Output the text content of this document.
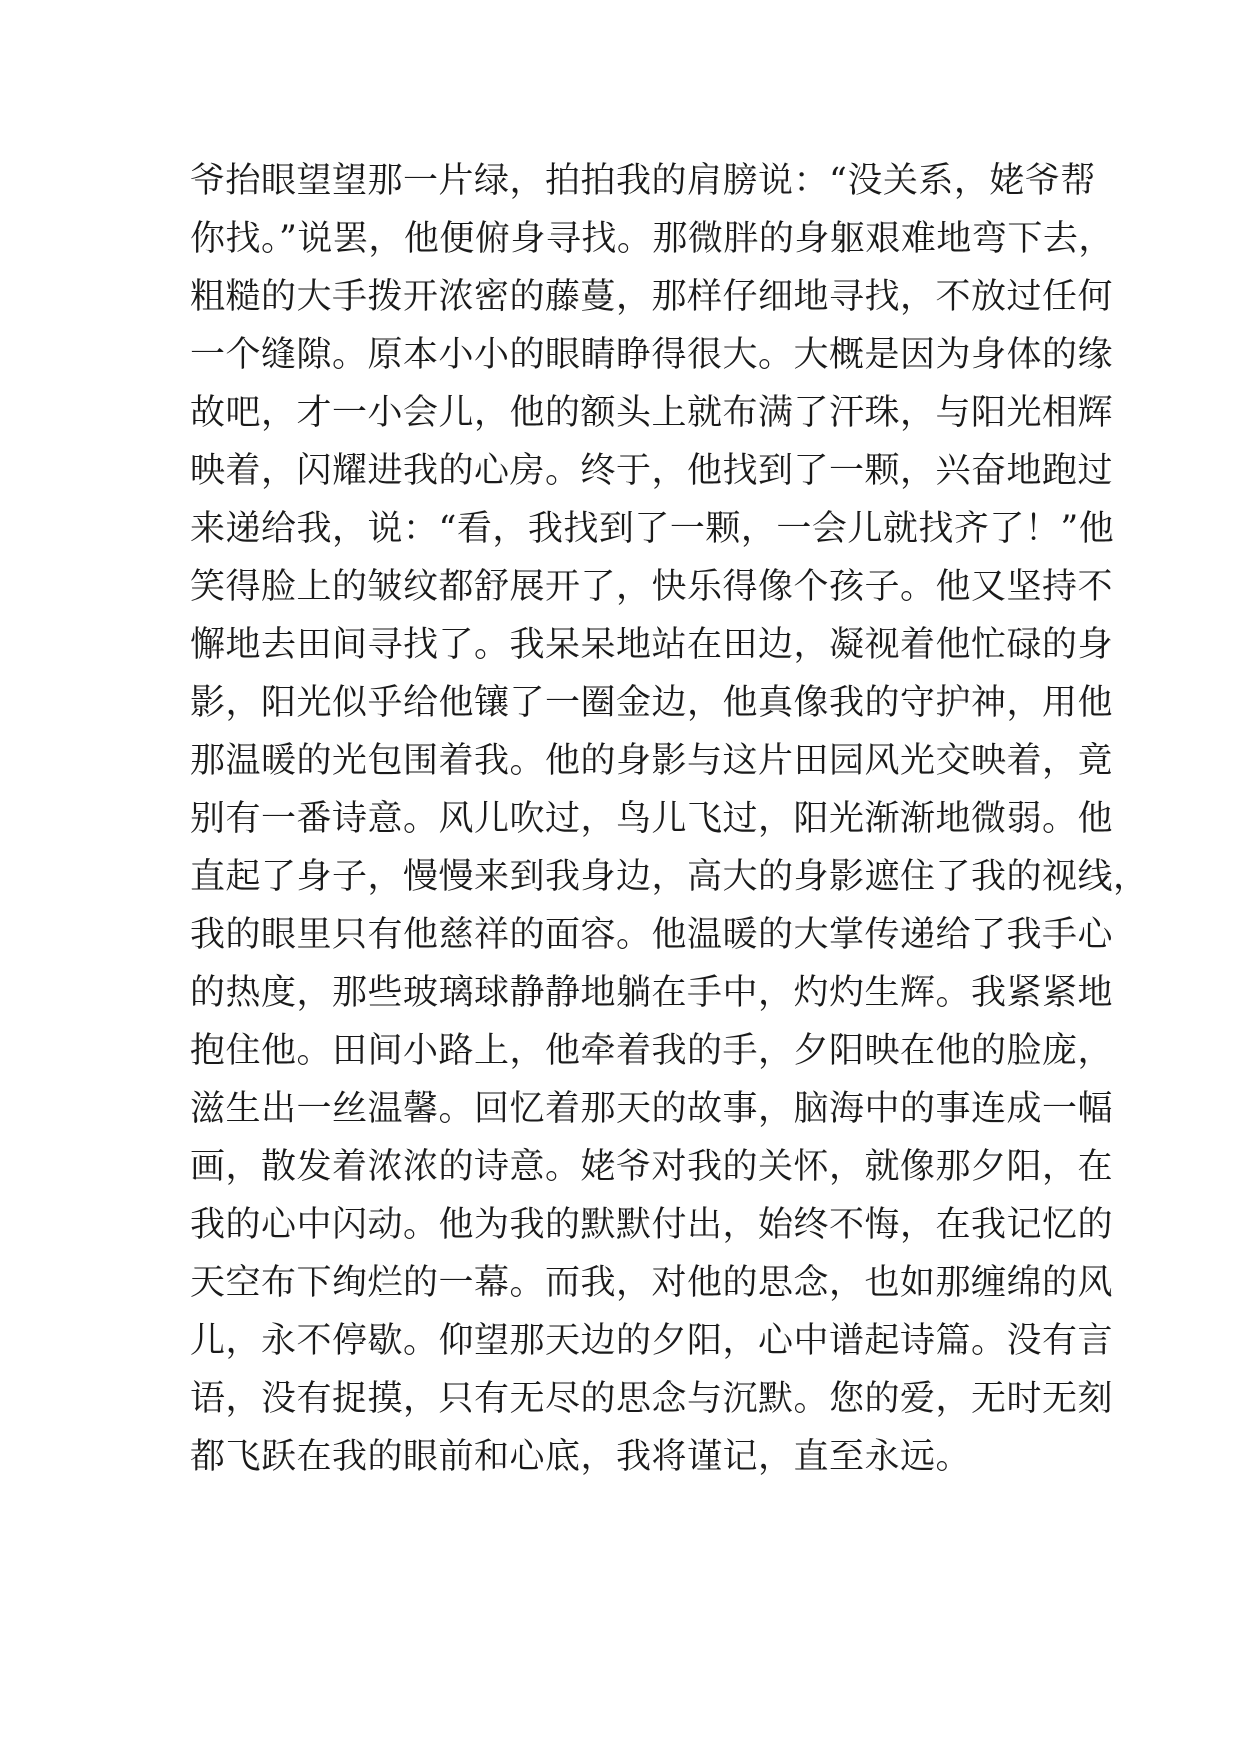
爷抬眼望望那一片绿，拍拍我的肩膀说：“没关系，姥爷帮
你找。”说罢，他便俯身寻找。那微胖的身躯艰难地弯下去，
粗糙的大手拨开浓密的藤蔓，那样仔细地寻找，不放过任何
一个缝隙。原本小小的眼睛睁得很大。大概是因为身体的缘
故吧，才一小会儿，他的额头上就布满了汗珠，与阳光相辉
映着，闪耀进我的心房。终于，他找到了一颗，兴奋地跑过
来递给我，说：“看，我找到了一颗，一会儿就找齐了！”他
笑得脸上的皱纹都舒展开了，快乐得像个孩子。他又坚持不
懈地去田间寻找了。我呆呆地站在田边，凝视着他忙碌的身
影，阳光似乎给他镶了一圈金边，他真像我的守护神，用他
那温暖的光包围着我。他的身影与这片田园风光交映着，竟
别有一番诗意。风儿吹过，鸟儿飞过，阳光渐渐地微弱。他
直起了身子，慢慢来到我身边，高大的身影遮住了我的视线，
我的眼里只有他慈祥的面容。他温暖的大掌传递给了我手心
的热度，那些玻璃球静静地躺在手中，灼灼生辉。我紧紧地
抱住他。田间小路上，他牵着我的手，夕阳映在他的脸庞，
滋生出一丝温馨。回忆着那天的故事，脑海中的事连成一幅
画，散发着浓浓的诗意。姥爷对我的关怀，就像那夕阳，在
我的心中闪动。他为我的默默付出，始终不悔，在我记忆的
天空布下绚烂的一幕。而我，对他的思念，也如那缠绵的风
儿，永不停歇。仰望那天边的夕阳，心中谱起诗篇。没有言
语，没有捉摸，只有无尽的思念与沉默。您的爱，无时无刻
都飞跃在我的眼前和心底，我将谨记，直至永远。
